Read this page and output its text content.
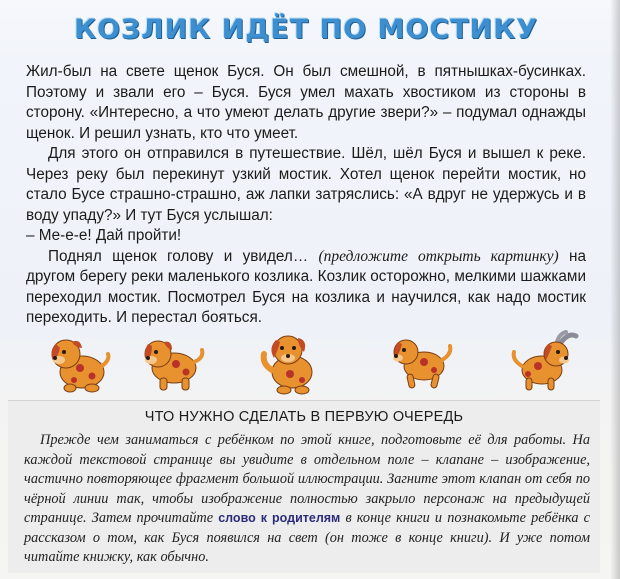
КОЗЛИК ИДЁТ ПО МОСТИКУ

Жил-был на свете щенок Буся. Он был смешной, в пятнышках-бусинках. Поэтому и звали его – Буся. Буся умел махать хвостиком из стороны в сторону. «Интересно, а что умеют делать другие звери?» – подумал однажды щенок. И решил узнать, кто что умеет.

Для этого он отправился в путешествие. Шёл, шёл Буся и вышел к реке. Через реку был перекинут узкий мостик. Хотел щенок перейти мостик, но стало Бусе страшно-страшно, аж лапки затряслись: «А вдруг не удержусь и в воду упаду?» И тут Буся услышал:

– Ме-е-е! Дай пройти!

Поднял щенок голову и увидел… (предложите открыть картинку) на другом берегу реки маленького козлика. Козлик осторожно, мелкими шажками переходил мостик. Посмотрел Буся на козлика и научился, как надо мостик переходить. И перестал бояться.

ЧТО НУЖНО СДЕЛАТЬ В ПЕРВУЮ ОЧЕРЕДЬ
Прежде чем заниматься с ребёнком по этой книге, подготовьте её для работы. На каждой текстовой странице вы увидите в отдельном поле – клапане – изображение, частично повторяющее фрагмент большой иллюстрации. Загните этот клапан от себя по чёрной линии так, чтобы изображение полностью закрыло персонаж на предыдущей странице. Затем прочитайте слово к родителям в конце книги и познакомьте ребёнка с рассказом о том, как Буся появился на свет (он тоже в конце книги). И уже потом читайте книжку, как обычно.
